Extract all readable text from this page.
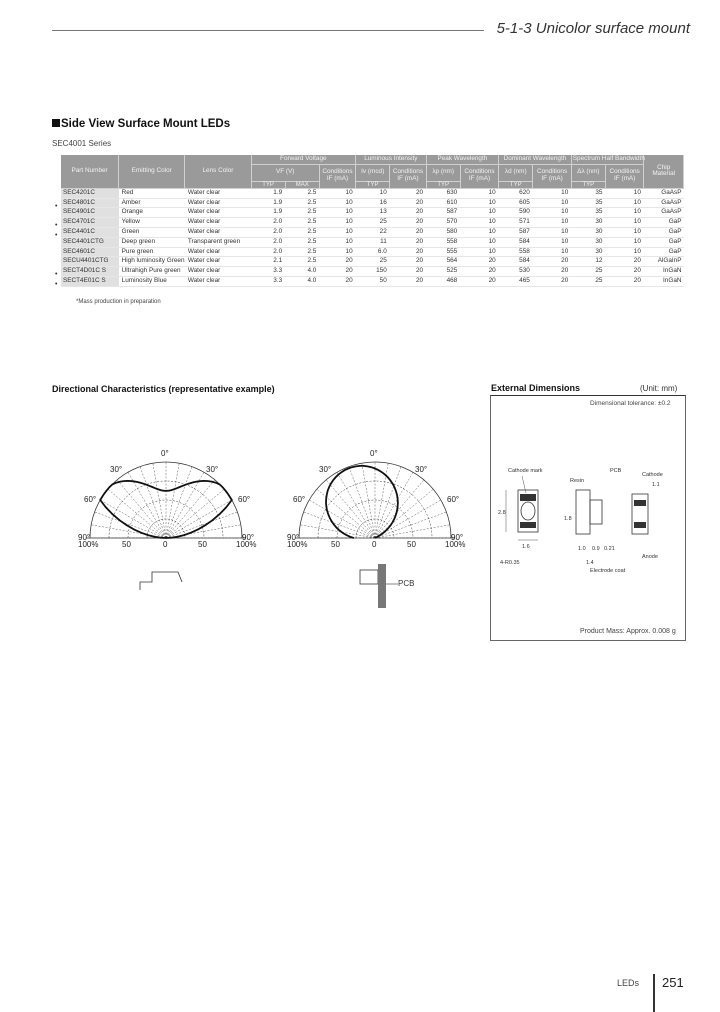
5-1-3 Unicolor surface mount
Side View Surface Mount LEDs
SEC4001 Series
Part Number	Emitting Color	Lens Color	Forward Voltage			Luminous Intensity		Peak Wavelength		Dominant Wavelength		Spectrum Half Bandwidth		Chip Material
			VF (V)		Conditions IF (mA)	Iv (mcd)	Conditions IF (mA)	λp (nm)	Conditions IF (mA)	λd (nm)	Conditions IF (mA)	Δλ (nm)	Conditions IF (mA)	
			TYP	MAX		TYP		TYP		TYP		TYP		
SEC4201C	Red	Water clear	1.9	2.5	10	10	20	630	10	620	10	35	10	GaAsP
SEC4801C	Amber	Water clear	1.9	2.5	10	16	20	610	10	605	10	35	10	GaAsP
SEC4901C	Orange	Water clear	1.9	2.5	10	13	20	587	10	590	10	35	10	GaAsP
SEC4701C	Yellow	Water clear	2.0	2.5	10	25	20	570	10	571	10	30	10	GaP
SEC4401C	Green	Water clear	2.0	2.5	10	22	20	580	10	587	10	30	10	GaP
SEC4401CTG	Deep green	Transparent green	2.0	2.5	10	11	20	558	10	584	10	30	10	GaP
SEC4601C	Pure green	Water clear	2.0	2.5	10	6.0	20	555	10	558	10	30	10	GaP
SECU4401CTG	High luminosity Green	Water clear	2.1	2.5	20	25	20	564	20	584	20	12	20	AlGaInP
SECT4D01C S	Ultrahigh Pure green	Water clear	3.3	4.0	20	150	20	525	20	530	20	25	20	InGaN
SECT4E01C S	Luminosity Blue	Water clear	3.3	4.0	20	50	20	468	20	465	20	25	20	InGaN
•
•
•
•
•
*Mass production in preparation
Directional Characteristics (representative example)
0°
30°	30°
60°	60°
90°	90°
100%	50	0	50	100%
0°
30°	30°
60°	60°
90°	90°
100%	50	0	50	100%
External Dimensions	(Unit: mm)
Dimensional tolerance: ±0.2
2.8
1.6
4-R0.35
Cathode mark
Resin
PCB
1.8
1.0 0.9
1.4
0.21
Electrode coat
Cathode
Anode
1.1
Product Mass: Approx. 0.008 g
LEDs 251
PCB
